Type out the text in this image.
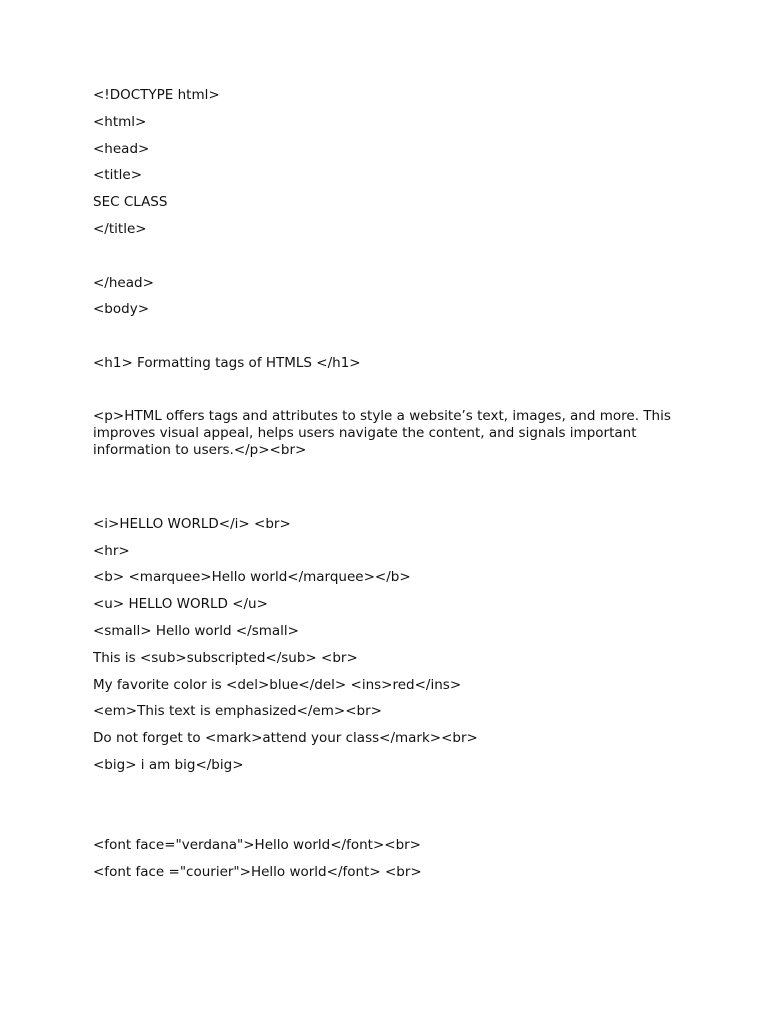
<!DOCTYPE html>
<html>
<head>
<title>
SEC CLASS
</title>
</head>
<body>
<h1> Formatting tags of HTMLS </h1>

<p>HTML offers tags and attributes to style a website’s text, images, and more. This improves visual appeal, helps users navigate the content, and signals important information to users.</p><br>

<i>HELLO WORLD</i> <br>
<hr>
<b> <marquee>Hello world</marquee></b>
<u> HELLO WORLD </u>
<small> Hello world </small>
This is <sub>subscripted</sub> <br>
My favorite color is <del>blue</del> <ins>red</ins>
<em>This text is emphasized</em><br>
Do not forget to <mark>attend your class</mark><br>
<big> i am big</big>
<font face="verdana">Hello world</font><br>
<font face ="courier">Hello world</font> <br>
